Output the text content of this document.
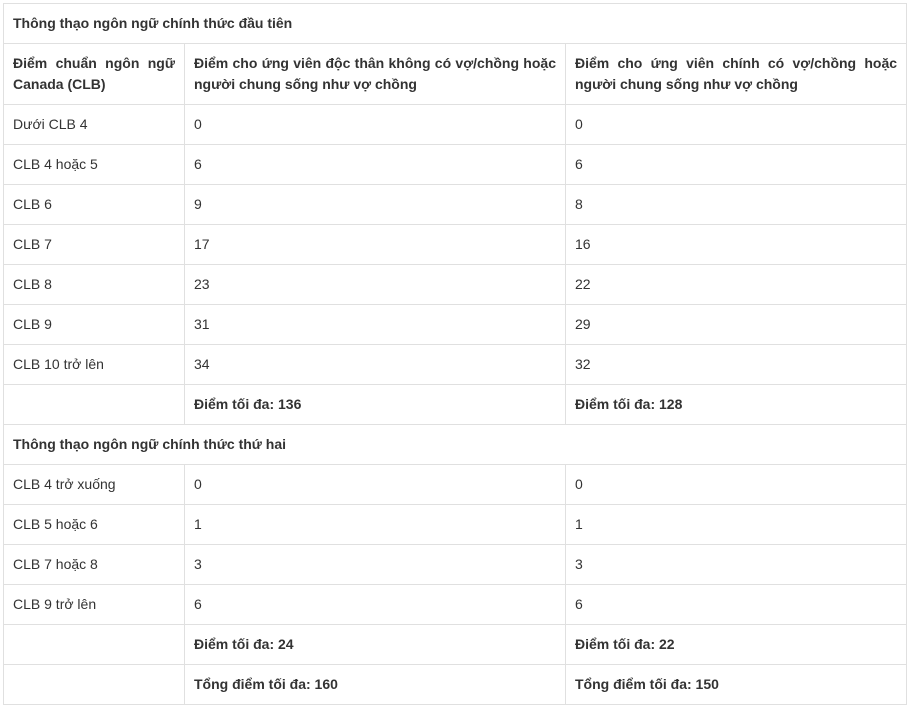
Thông thạo ngôn ngữ chính thức đầu tiên		
Điểm chuẩn ngôn ngữ Canada (CLB)	Điểm cho ứng viên độc thân không có vợ/chồng hoặc người chung sống như vợ chồng	Điểm cho ứng viên chính có vợ/chồng hoặc người chung sống như vợ chồng
Dưới CLB 4	0	0
CLB 4 hoặc 5	6	6
CLB 6	9	8
CLB 7	17	16
CLB 8	23	22
CLB 9	31	29
CLB 10 trở lên	34	32
	Điểm tối đa: 136	Điểm tối đa: 128
Thông thạo ngôn ngữ chính thức thứ hai		
CLB 4 trở xuống	0	0
CLB 5 hoặc 6	1	1
CLB 7 hoặc 8	3	3
CLB 9 trở lên	6	6
	Điểm tối đa: 24	Điểm tối đa: 22
	Tổng điểm tối đa: 160	Tổng điểm tối đa: 150
